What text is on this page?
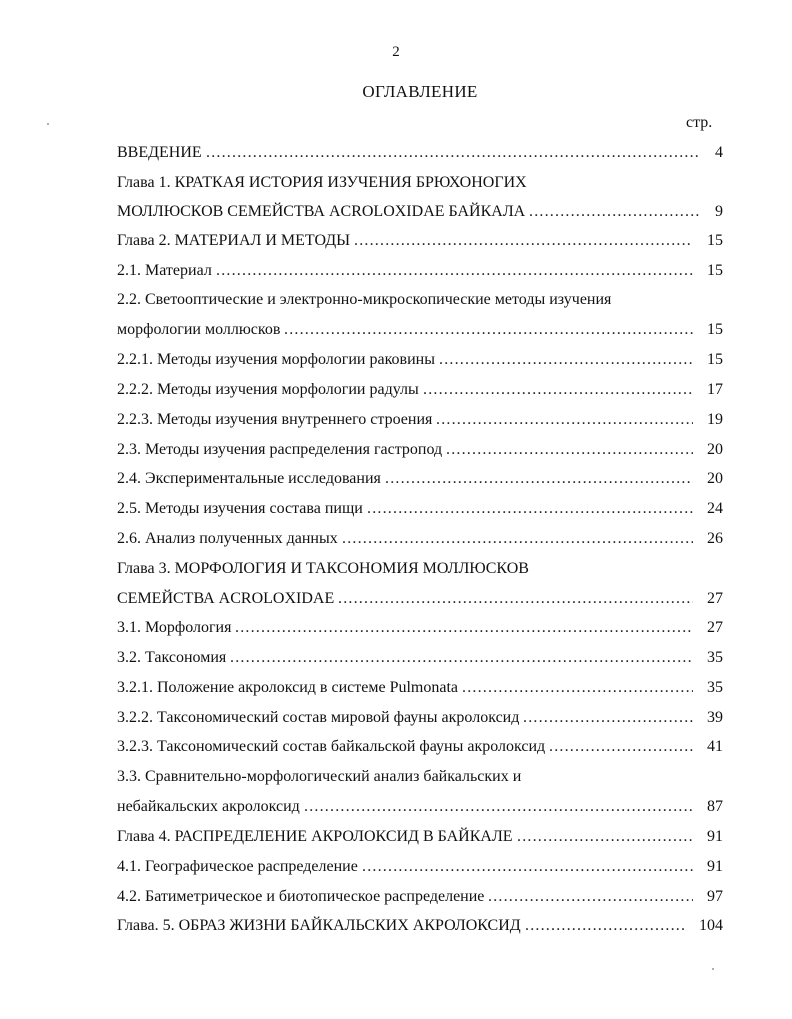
2
ОГЛАВЛЕНИЕ
стр.
ВВЕДЕНИЕ .....	4
Глава 1. КРАТКАЯ ИСТОРИЯ ИЗУЧЕНИЯ БРЮХОНОГИХ
МОЛЛЮСКОВ СЕМЕЙСТВА ACROLOXIDAE БАЙКАЛА .....	9
Глава 2. МАТЕРИАЛ И МЕТОДЫ .....	15
2.1. Материал .....	15
2.2. Светооптические и электронно-микроскопические методы изучения
морфологии моллюсков .....	15
2.2.1. Методы изучения морфологии раковины .....	15
2.2.2. Методы изучения морфологии радулы .....	17
2.2.3. Методы изучения внутреннего строения .....	19
2.3. Методы изучения распределения гастропод .....	20
2.4. Экспериментальные исследования .....	20
2.5. Методы изучения состава пищи .....	24
2.6. Анализ полученных данных .....	26
Глава 3. МОРФОЛОГИЯ И ТАКСОНОМИЯ МОЛЛЮСКОВ
СЕМЕЙСТВА ACROLOXIDAE .....	27
3.1. Морфология .....	27
3.2. Таксономия .....	35
3.2.1. Положение акролоксид в системе Pulmonata .....	35
3.2.2. Таксономический состав мировой фауны акролоксид .....	39
3.2.3. Таксономический состав байкальской фауны акролоксид .....	41
3.3. Сравнительно-морфологический анализ байкальских и
небайкальских акролоксид .....	87
Глава 4. РАСПРЕДЕЛЕНИЕ АКРОЛОКСИД В БАЙКАЛЕ .....	91
4.1. Географическое распределение .....	91
4.2. Батиметрическое и биотопическое распределение .....	97
Глава. 5. ОБРАЗ ЖИЗНИ БАЙКАЛЬСКИХ АКРОЛОКСИД .....	104
